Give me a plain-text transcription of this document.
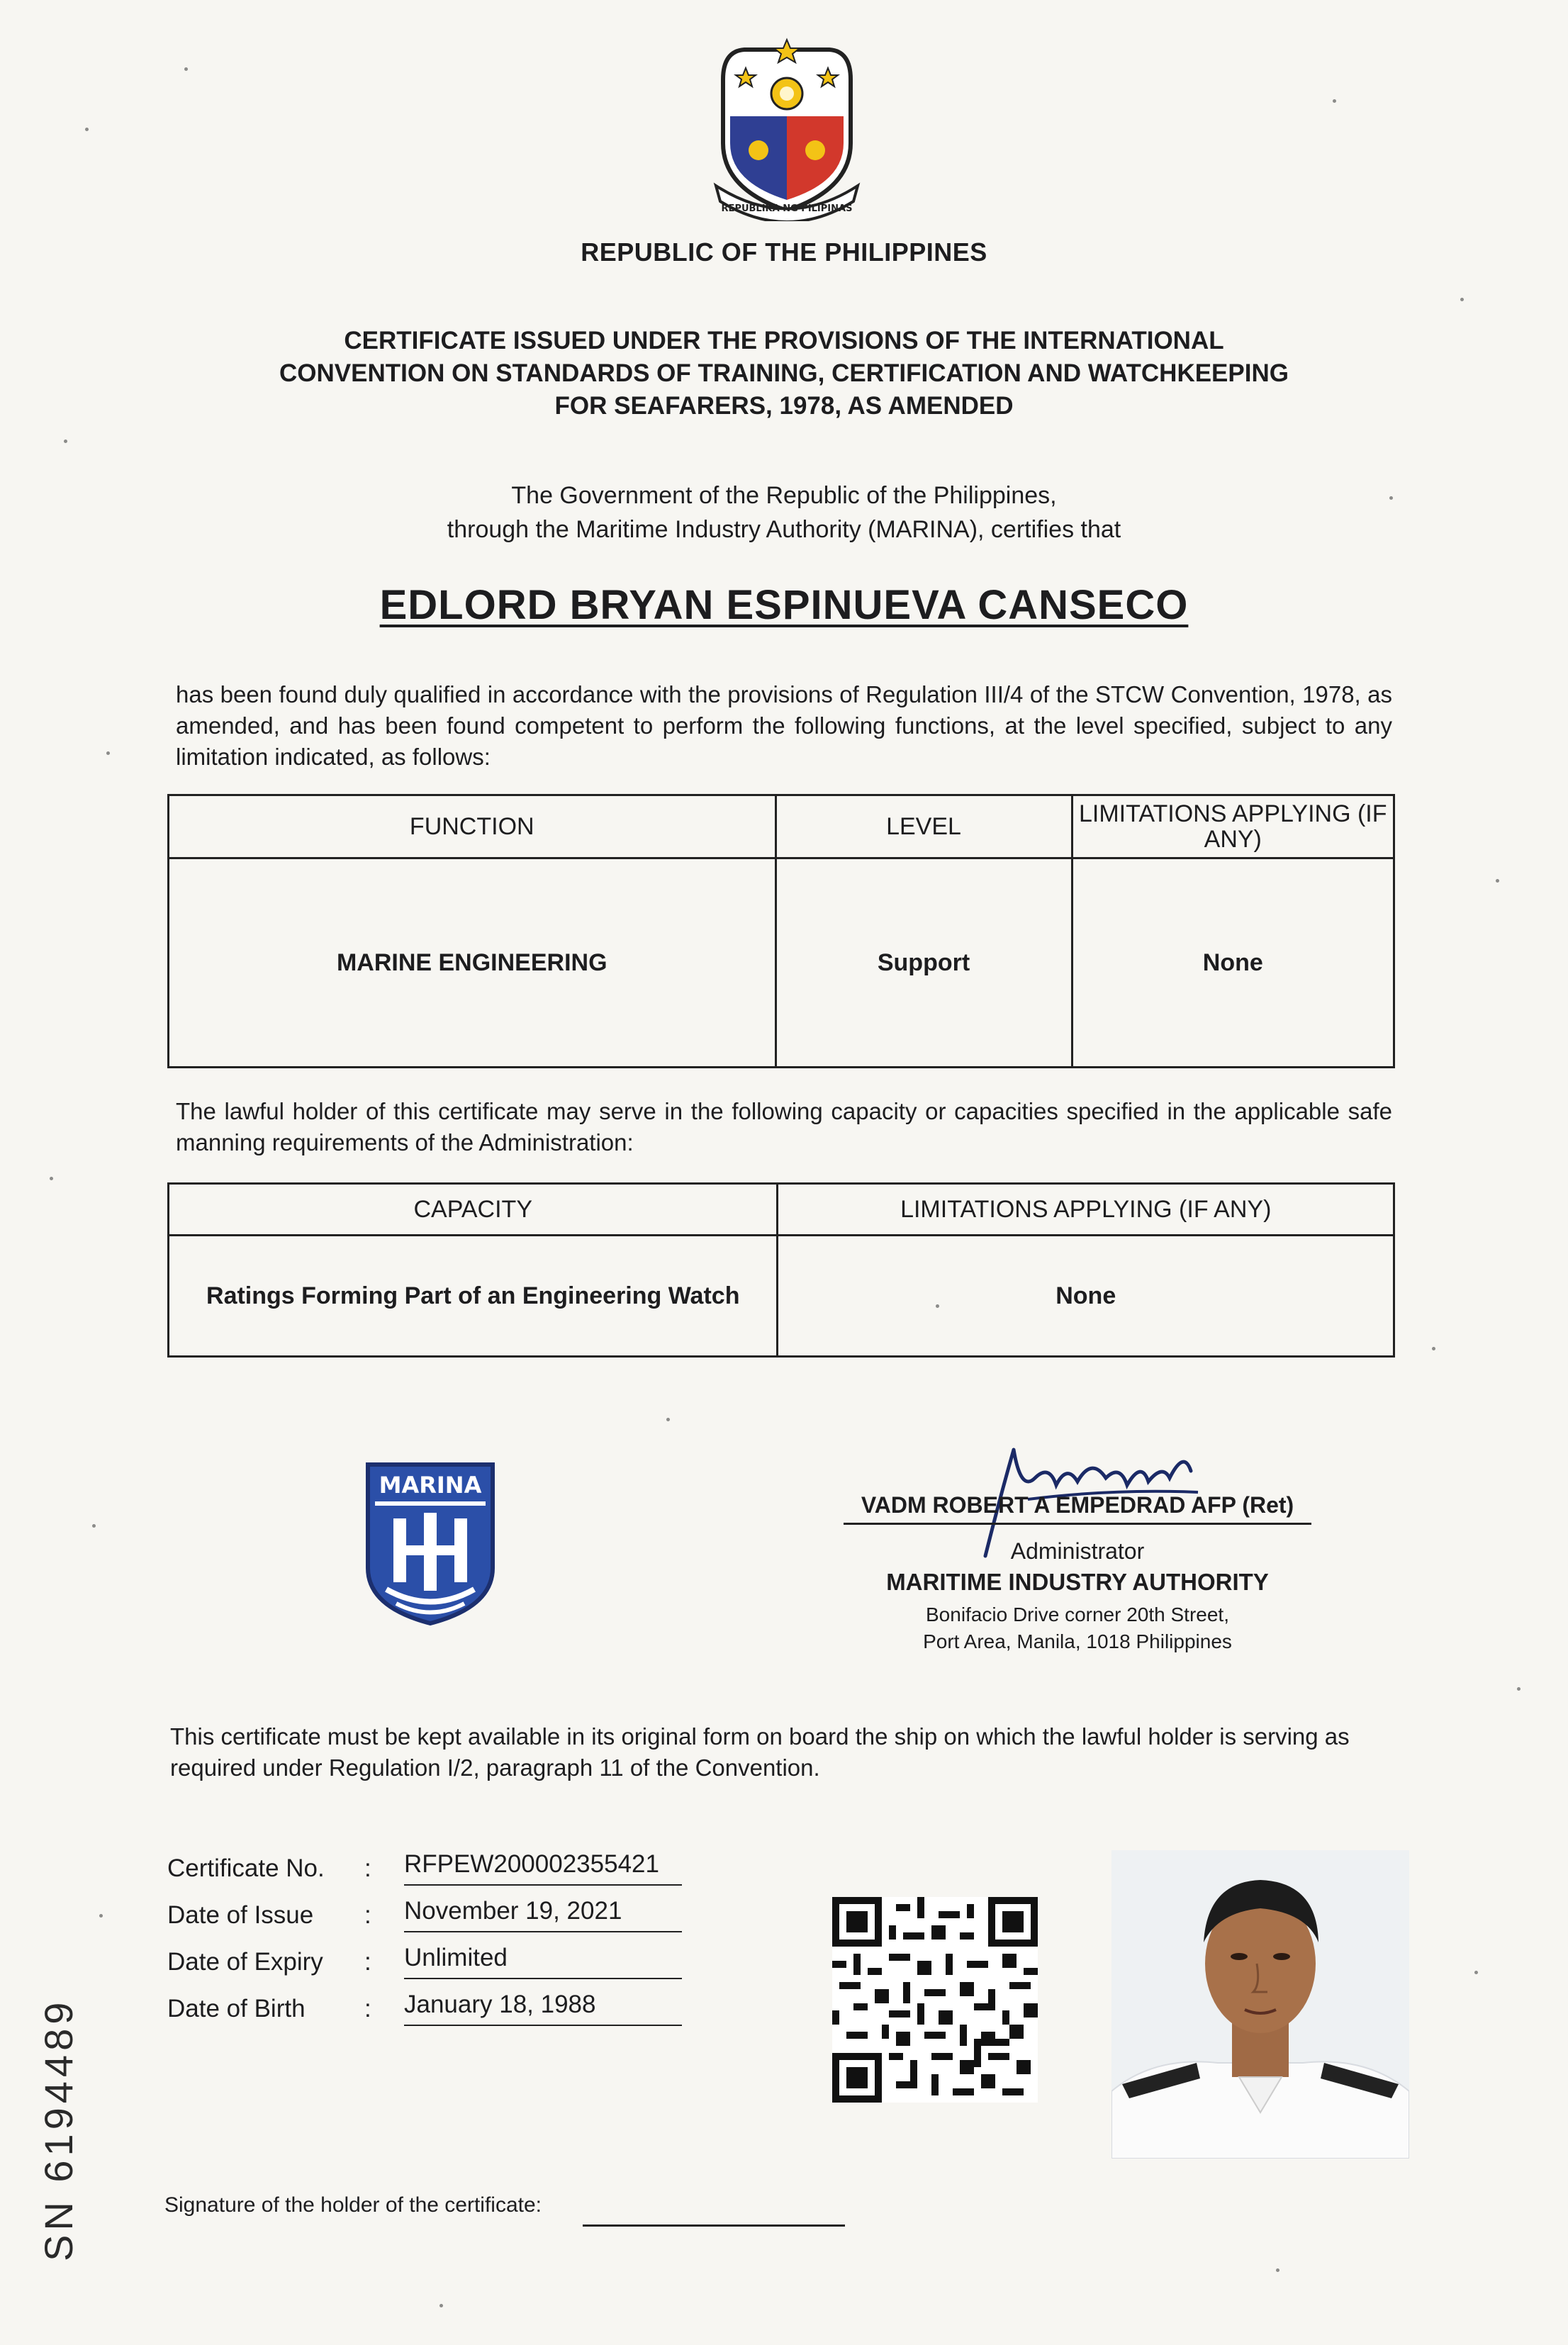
REPUBLIKA NG PILIPINAS
REPUBLIC OF THE PHILIPPINES
CERTIFICATE ISSUED UNDER THE PROVISIONS OF THE INTERNATIONAL
CONVENTION ON STANDARDS OF TRAINING, CERTIFICATION AND WATCHKEEPING
FOR SEAFARERS, 1978, AS AMENDED
The Government of the Republic of the Philippines,
through the Maritime Industry Authority (MARINA), certifies that
EDLORD BRYAN ESPINUEVA CANSECO
has been found duly qualified in accordance with the provisions of Regulation III/4 of the STCW Convention, 1978, as amended, and has been found competent to perform the following functions, at the level specified, subject to any limitation indicated, as follows:
FUNCTION	LEVEL	LIMITATIONS APPLYING (IF ANY)
MARINE ENGINEERING	Support	None
The lawful holder of this certificate may serve in the following capacity or capacities specified in the applicable safe manning requirements of the Administration:
CAPACITY	LIMITATIONS APPLYING (IF ANY)
Ratings Forming Part of an Engineering Watch	None
MARINA
VADM ROBERT A EMPEDRAD AFP (Ret)
Administrator
MARITIME INDUSTRY AUTHORITY
Bonifacio Drive corner 20th Street,
Port Area, Manila, 1018 Philippines
This certificate must be kept available in its original form on board the ship on which the lawful holder is serving as required under Regulation I/2, paragraph 11 of the Convention.
Certificate No. : RFPEW200002355421
Date of Issue : November 19, 2021
Date of Expiry : Unlimited
Date of Birth : January 18, 1988
Signature of the holder of the certificate:
SN 6194489
